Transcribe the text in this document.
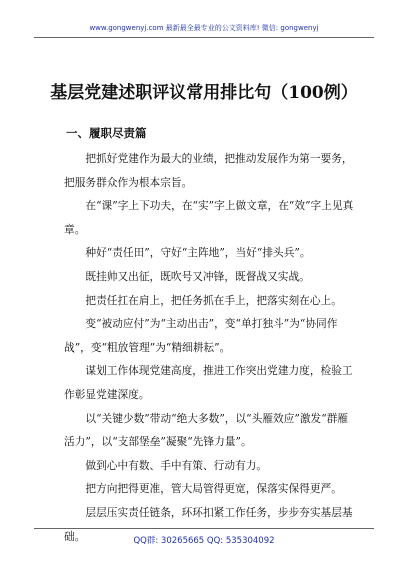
www.gongwenyj.com 最新最全最专业的公文资料库! 微信: gongwenyj
基层党建述职评议常用排比句（100例）
一、履职尽责篇

把抓好党建作为最大的业绩，把推动发展作为第一要务，把服务群众作为根本宗旨。

在“课”字上下功夫，在“实”字上做文章，在“效”字上见真章。

种好“责任田”，守好“主阵地”，当好“排头兵”。

既挂帅又出征，既吹号又冲锋，既督战又实战。

把责任扛在肩上，把任务抓在手上，把落实刻在心上。

变“被动应付”为“主动出击”，变“单打独斗”为“协同作战”，变“粗放管理”为“精细耕耘”。

谋划工作体现党建高度，推进工作突出党建力度，检验工作彰显党建深度。

以“关键少数”带动“绝大多数”，以“头雁效应”激发“群雁活力”，以“支部堡垒”凝聚“先锋力量”。

做到心中有数、手中有策、行动有力。

把方向把得更准，管大局管得更宽，保落实保得更严。

层层压实责任链条，环环扣紧工作任务，步步夯实基层基础。	QQ群: 30265665 QQ: 535304092
